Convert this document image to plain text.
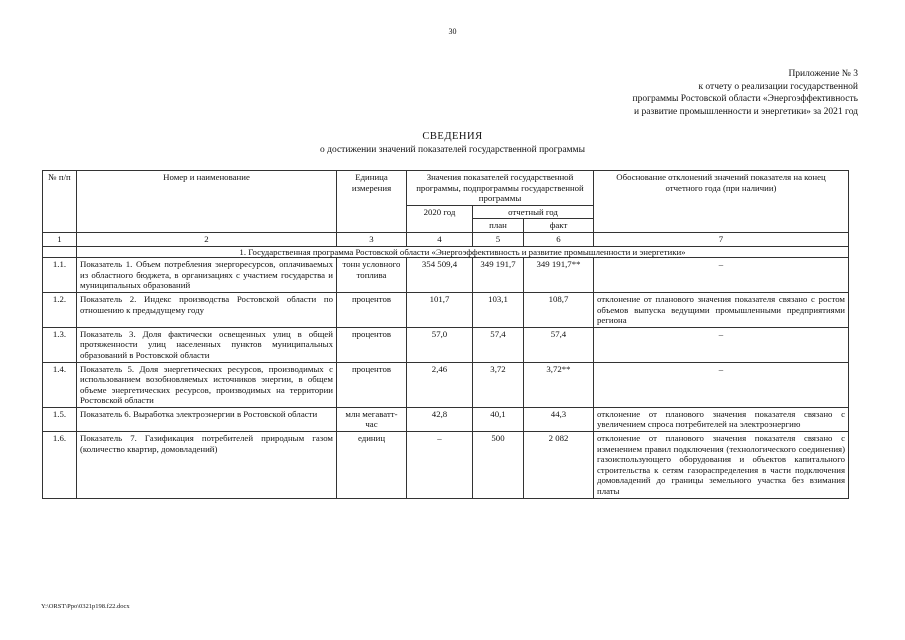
30
Приложение № 3
к отчету о реализации государственной
программы Ростовской области «Энергоэффективность
и развитие промышленности и энергетики» за 2021 год
СВЕДЕНИЯ
о достижении значений показателей государственной программы
№ п/п	Номер и наименование	Единица измерения	Значения показателей государственной программы, подпрограммы государственной программы			Обоснование отклонений значений показателя на конец отчетного года (при наличии)
			2020 год	отчетный год		
				план	факт	
1	2	3	4	5	6	7
	1. Государственная программа Ростовской области «Энергоэффективность и развитие промышленности и энергетики»					
1.1.	Показатель 1. Объем потребления энергоресурсов, оплачиваемых из областного бюджета, в организациях с участием государства и муниципальных образований	тонн условного топлива	354 509,4	349 191,7	349 191,7**	–
1.2.	Показатель 2. Индекс производства Ростовской области по отношению к предыдущему году	процентов	101,7	103,1	108,7	отклонение от планового значения показателя связано с ростом объемов выпуска ведущими промышленными предприятиями региона
1.3.	Показатель 3. Доля фактически освещенных улиц в общей протяженности улиц населенных пунктов муниципальных образований в Ростовской области	процентов	57,0	57,4	57,4	–
1.4.	Показатель 5. Доля энергетических ресурсов, производимых с использованием возобновляемых источников энергии, в общем объеме энергетических ресурсов, производимых на территории Ростовской области	процентов	2,46	3,72	3,72**	–
1.5.	Показатель 6. Выработка электроэнергии в Ростовской области	млн мегаватт-час	42,8	40,1	44,3	отклонение от планового значения показателя связано с увеличением спроса потребителей на электроэнергию
1.6.	Показатель 7. Газификация потребителей природным газом (количество квартир, домовладений)	единиц	–	500	2 082	отклонение от планового значения показателя связано с изменением правил подключения (технологического соединения) газоиспользующего оборудования и объектов капитального строительства к сетям газораспределения в части подключения домовладений до границы земельного участка без взимания платы
Y:\ORST\Ppo\0321p198.f22.docx
